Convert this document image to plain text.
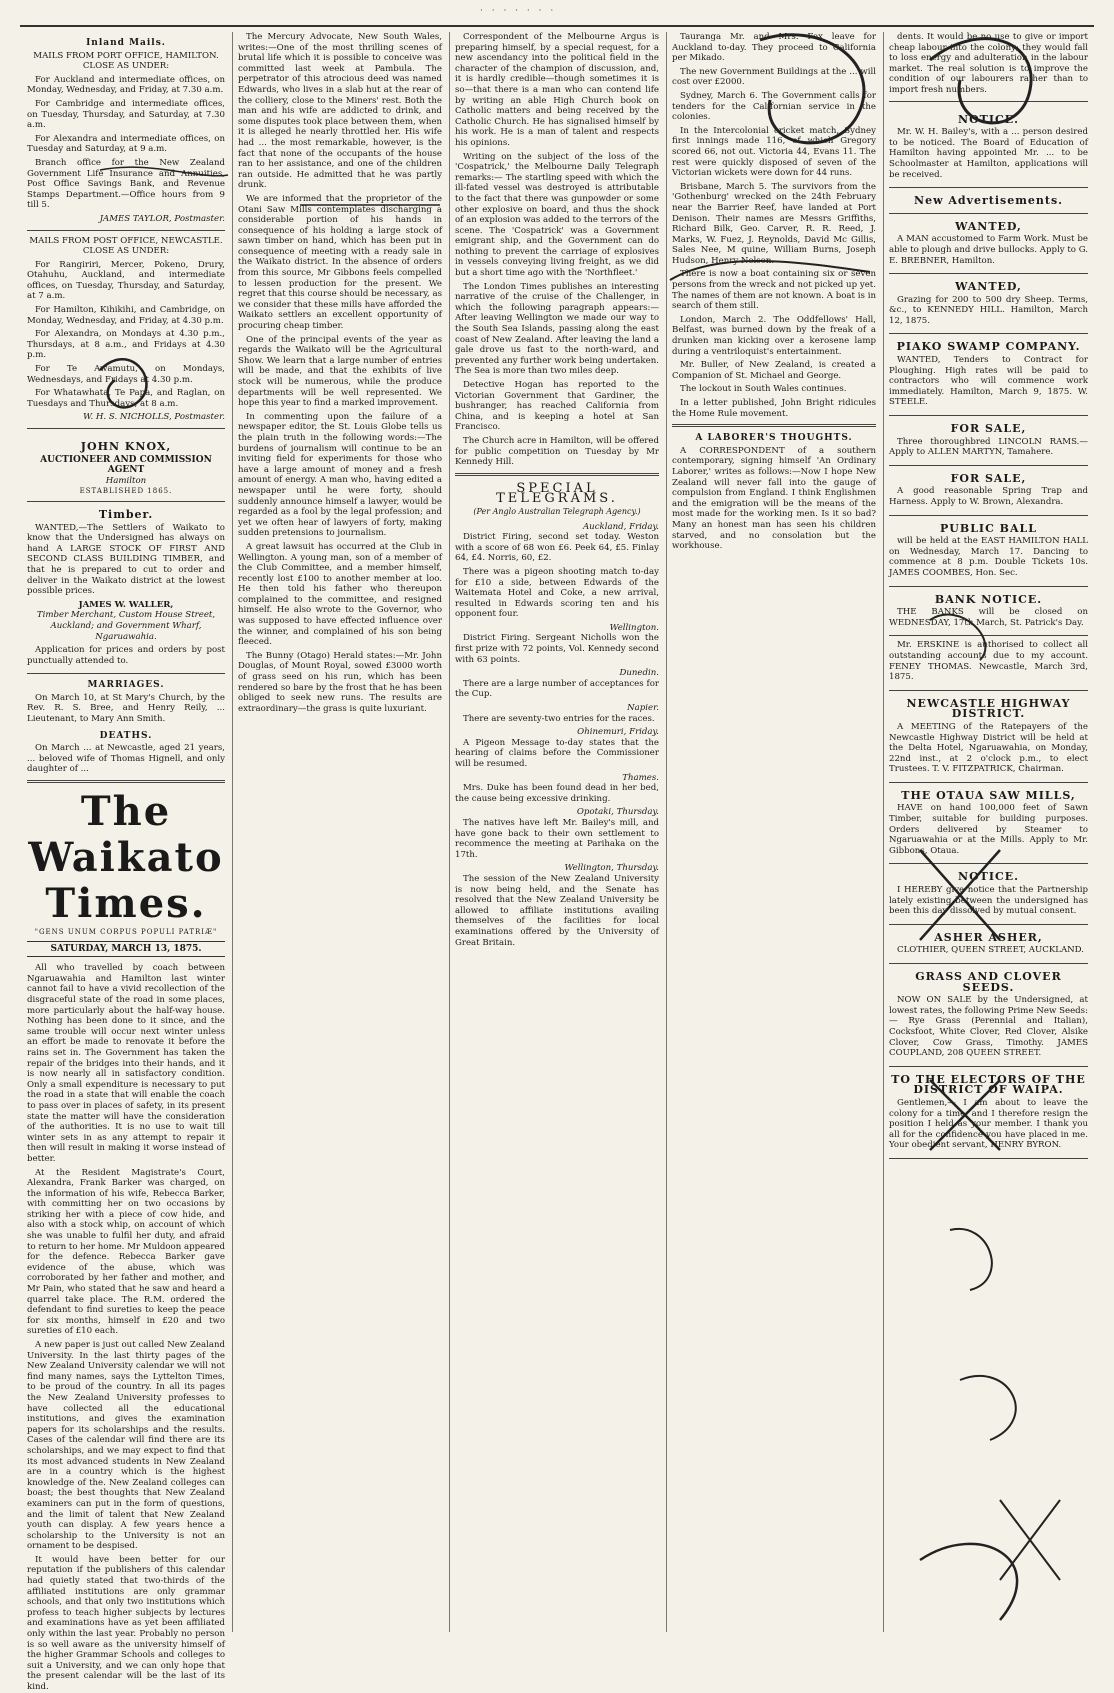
· · · · · · ·
Inland Mails.

MAILS FROM PORT OFFICE, HAMILTON. CLOSE AS UNDER:

For Auckland and intermediate offices, on Monday, Wednesday, and Friday, at 7.30 a.m.

For Cambridge and intermediate offices, on Tuesday, Thursday, and Saturday, at 7.30 a.m.

For Alexandra and intermediate offices, on Tuesday and Saturday, at 9 a.m.

Branch office for the New Zealand Government Life Insurance and Annuities, Post Office Savings Bank, and Revenue Stamps Department.—Office hours from 9 till 5.

JAMES TAYLOR, Postmaster.

MAILS FROM POST OFFICE, NEWCASTLE. CLOSE AS UNDER:

For Rangiriri, Mercer, Pokeno, Drury, Otahuhu, Auckland, and intermediate offices, on Tuesday, Thursday, and Saturday, at 7 a.m.

For Hamilton, Kihikihi, and Cambridge, on Monday, Wednesday, and Friday, at 4.30 p.m.

For Alexandra, on Mondays at 4.30 p.m., Thursdays, at 8 a.m., and Fridays at 4.30 p.m.

For Te Awamutu, on Mondays, Wednesdays, and Fridays at 4.30 p.m.

For Whatawhata, Te Papa, and Raglan, on Tuesdays and Thursdays, at 8 a.m.

W. H. S. NICHOLLS, Postmaster.

JOHN KNOX,
AUCTIONEER AND COMMISSION AGENT
Hamilton
ESTABLISHED 1865.
Timber.

WANTED,—The Settlers of Waikato to know that the Undersigned has always on hand A LARGE STOCK OF FIRST AND SECOND CLASS BUILDING TIMBER, and that he is prepared to cut to order and deliver in the Waikato district at the lowest possible prices.

JAMES W. WALLER,

Timber Merchant, Custom House Street, Auckland; and Government Wharf, Ngaruawahia.

Application for prices and orders by post punctually attended to.

MARRIAGES.

On March 10, at St Mary's Church, by the Rev. R. S. Bree, and Henry Reily, ... Lieutenant, to Mary Ann Smith.

DEATHS.

On March ... at Newcastle, aged 21 years, ... beloved wife of Thomas Hignell, and only daughter of ...

The Waikato Times.
"GENS UNUM CORPUS POPULI PATRIÆ"
SATURDAY, MARCH 13, 1875.

All who travelled by coach between Ngaruawahia and Hamilton last winter cannot fail to have a vivid recollection of the disgraceful state of the road in some places, more particularly about the half-way house. Nothing has been done to it since, and the same trouble will occur next winter unless an effort be made to renovate it before the rains set in. The Government has taken the repair of the bridges into their hands, and it is now nearly all in satisfactory condition. Only a small expenditure is necessary to put the road in a state that will enable the coach to pass over in places of safety, in its present state the matter will have the consideration of the authorities. It is no use to wait till winter sets in as any attempt to repair it then will result in making it worse instead of better.

At the Resident Magistrate's Court, Alexandra, Frank Barker was charged, on the information of his wife, Rebecca Barker, with committing her on two occasions by striking her with a piece of cow hide, and also with a stock whip, on account of which she was unable to fulfil her duty, and afraid to return to her home. Mr Muldoon appeared for the defence. Rebecca Barker gave evidence of the abuse, which was corroborated by her father and mother, and Mr Pain, who stated that he saw and heard a quarrel take place. The R.M. ordered the defendant to find sureties to keep the peace for six months, himself in £20 and two sureties of £10 each.

A new paper is just out called New Zealand University. In the last thirty pages of the New Zealand University calendar we will not find many names, says the Lyttelton Times, to be proud of the country. In all its pages the New Zealand University professes to have collected all the educational institutions, and gives the examination papers for its scholarships and the results. Cases of the calendar will find there are its scholarships, and we may expect to find that its most advanced students in New Zealand are in a country which is the highest knowledge of the. New Zealand colleges can boast; the best thoughts that New Zealand examiners can put in the form of questions, and the limit of talent that New Zealand youth can display. A few years hence a scholarship to the University is not an ornament to be despised.

It would have been better for our reputation if the publishers of this calendar had quietly stated that two-thirds of the affiliated institutions are only grammar schools, and that only two institutions which profess to teach higher subjects by lectures and examinations have as yet been affiliated only within the last year. Probably no person is so well aware as the university himself of the higher Grammar Schools and colleges to suit a University, and we can only hope that the present calendar will be the last of its kind.

The Mercury Advocate, New South Wales, writes:—One of the most thrilling scenes of brutal life which it is possible to conceive was committed last week at Pambula. The perpetrator of this atrocious deed was named Edwards, who lives in a slab hut at the rear of the colliery, close to the Miners' rest. Both the man and his wife are addicted to drink, and some disputes took place between them, when it is alleged he nearly throttled her. His wife had ... the most remarkable, however, is the fact that none of the occupants of the house ran to her assistance, and one of the children ran outside. He admitted that he was partly drunk.

We are informed that the proprietor of the Otani Saw Mills contemplates discharging a considerable portion of his hands in consequence of his holding a large stock of sawn timber on hand, which has been put in consequence of meeting with a ready sale in the Waikato district. In the absence of orders from this source, Mr Gibbons feels compelled to lessen production for the present. We regret that this course should be necessary, as we consider that these mills have afforded the Waikato settlers an excellent opportunity of procuring cheap timber.

One of the principal events of the year as regards the Waikato will be the Agricultural Show. We learn that a large number of entries will be made, and that the exhibits of live stock will be numerous, while the produce departments will be well represented. We hope this year to find a marked improvement.

In commenting upon the failure of a newspaper editor, the St. Louis Globe tells us the plain truth in the following words:—The burdens of journalism will continue to be an inviting field for experiments for those who have a large amount of money and a fresh amount of energy. A man who, having edited a newspaper until he were forty, should suddenly announce himself a lawyer, would be regarded as a fool by the legal profession; and yet we often hear of lawyers of forty, making sudden pretensions to journalism.

A great lawsuit has occurred at the Club in Wellington. A young man, son of a member of the Club Committee, and a member himself, recently lost £100 to another member at loo. He then told his father who thereupon complained to the committee, and resigned himself. He also wrote to the Governor, who was supposed to have effected influence over the winner, and complained of his son being fleeced.

The Bunny (Otago) Herald states:—Mr. John Douglas, of Mount Royal, sowed £3000 worth of grass seed on his run, which has been rendered so bare by the frost that he has been obliged to seek new runs. The results are extraordinary—the grass is quite luxuriant.

Correspondent of the Melbourne Argus is preparing himself, by a special request, for a new ascendancy into the political field in the character of the champion of discussion, and, it is hardly credible—though sometimes it is so—that there is a man who can contend life by writing an able High Church book on Catholic matters and being received by the Catholic Church. He has signalised himself by his work. He is a man of talent and respects his opinions.

Writing on the subject of the loss of the 'Cospatrick,' the Melbourne Daily Telegraph remarks:— The startling speed with which the ill-fated vessel was destroyed is attributable to the fact that there was gunpowder or some other explosive on board, and thus the shock of an explosion was added to the terrors of the scene. The 'Cospatrick' was a Government emigrant ship, and the Government can do nothing to prevent the carriage of explosives in vessels conveying living freight, as we did but a short time ago with the 'Northfleet.'

The London Times publishes an interesting narrative of the cruise of the Challenger, in which the following paragraph appears:—After leaving Wellington we made our way to the South Sea Islands, passing along the east coast of New Zealand. After leaving the land a gale drove us fast to the north-ward, and prevented any further work being undertaken. The Sea is more than two miles deep.

Detective Hogan has reported to the Victorian Government that Gardiner, the bushranger, has reached California from China, and is keeping a hotel at San Francisco.

The Church acre in Hamilton, will be offered for public competition on Tuesday by Mr Kennedy Hill.

SPECIAL TELEGRAMS.
(Per Anglo Australian Telegraph Agency.)
Auckland, Friday.

District Firing, second set today. Weston with a score of 68 won £6. Peek 64, £5. Finlay 64, £4. Norris, 60, £2.

There was a pigeon shooting match to-day for £10 a side, between Edwards of the Waitemata Hotel and Coke, a new arrival, resulted in Edwards scoring ten and his opponent four.

Wellington.

District Firing. Sergeant Nicholls won the first prize with 72 points, Vol. Kennedy second with 63 points.

Dunedin.

There are a large number of acceptances for the Cup.

Napier.

There are seventy-two entries for the races.

Ohinemuri, Friday.

A Pigeon Message to-day states that the hearing of claims before the Commissioner will be resumed.

Thames.

Mrs. Duke has been found dead in her bed, the cause being excessive drinking.

Opotaki, Thursday.

The natives have left Mr. Bailey's mill, and have gone back to their own settlement to recommence the meeting at Parihaka on the 17th.

Wellington, Thursday.

The session of the New Zealand University is now being held, and the Senate has resolved that the New Zealand University be allowed to affiliate institutions availing themselves of the facilities for local examinations offered by the University of Great Britain.

Tauranga Mr. and Mrs. Fox leave for Auckland to-day. They proceed to California per Mikado.

The new Government Buildings at the ... will cost over £2000.

Sydney, March 6. The Government calls for tenders for the Californian service in the colonies.

In the Intercolonial cricket match, Sydney first innings made 116, of which Gregory scored 66, not out. Victoria 44, Evans 11. The rest were quickly disposed of seven of the Victorian wickets were down for 44 runs.

Brisbane, March 5. The survivors from the 'Gothenburg' wrecked on the 24th February near the Barrier Reef, have landed at Port Denison. Their names are Messrs Griffiths, Richard Bilk, Geo. Carver, R. R. Reed, J. Marks, W. Fuez, J. Reynolds, David Mc Gillis, Sales Nee, M quine, William Burns, Joseph Hudson, Henry Nelson.

There is now a boat containing six or seven persons from the wreck and not picked up yet. The names of them are not known. A boat is in search of them still.

London, March 2. The Oddfellows' Hall, Belfast, was burned down by the freak of a drunken man kicking over a kerosene lamp during a ventriloquist's entertainment.

Mr. Buller, of New Zealand, is created a Companion of St. Michael and George.

The lockout in South Wales continues.

In a letter published, John Bright ridicules the Home Rule movement.

A LABORER'S THOUGHTS.

A CORRESPONDENT of a southern contemporary, signing himself 'An Ordinary Laborer,' writes as follows:—Now I hope New Zealand will never fall into the gauge of compulsion from England. I think Englishmen and the emigration will be the means of the most made for the working men. Is it so bad? Many an honest man has seen his children starved, and no consolation but the workhouse.

dents. It would be no use to give or import cheap labour into the colony; they would fall to loss energy and adulteration in the labour market. The real solution is to improve the condition of our labourers rather than to import fresh numbers.

NOTICE.

Mr. W. H. Bailey's, with a ... person desired to be noticed. The Board of Education of Hamilton having appointed Mr. ... to be Schoolmaster at Hamilton, applications will be received.

New Advertisements.
WANTED,

A MAN accustomed to Farm Work. Must be able to plough and drive bullocks. Apply to G. E. BREBNER, Hamilton.

WANTED,

Grazing for 200 to 500 dry Sheep. Terms, &c., to KENNEDY HILL. Hamilton, March 12, 1875.

PIAKO SWAMP COMPANY.

WANTED, Tenders to Contract for Ploughing. High rates will be paid to contractors who will commence work immediately. Hamilton, March 9, 1875. W. STEELE.

FOR SALE,

Three thoroughbred LINCOLN RAMS.—Apply to ALLEN MARTYN, Tamahere.

FOR SALE,

A good reasonable Spring Trap and Harness. Apply to W. Brown, Alexandra.

PUBLIC BALL

will be held at the EAST HAMILTON HALL on Wednesday, March 17. Dancing to commence at 8 p.m. Double Tickets 10s. JAMES COOMBES, Hon. Sec.

BANK NOTICE.

THE BANKS will be closed on WEDNESDAY, 17th March, St. Patrick's Day.

Mr. ERSKINE is authorised to collect all outstanding accounts due to my account. FENEY THOMAS. Newcastle, March 3rd, 1875.

NEWCASTLE HIGHWAY DISTRICT.

A MEETING of the Ratepayers of the Newcastle Highway District will be held at the Delta Hotel, Ngaruawahia, on Monday, 22nd inst., at 2 o'clock p.m., to elect Trustees. T. V. FITZPATRICK, Chairman.

THE OTAUA SAW MILLS,

HAVE on hand 100,000 feet of Sawn Timber, suitable for building purposes. Orders delivered by Steamer to Ngaruawahia or at the Mills. Apply to Mr. Gibbons, Otaua.

NOTICE.

I HEREBY give notice that the Partnership lately existing between the undersigned has been this day dissolved by mutual consent.

ASHER ASHER,

CLOTHIER, QUEEN STREET, AUCKLAND.

GRASS AND CLOVER SEEDS.

NOW ON SALE by the Undersigned, at lowest rates, the following Prime New Seeds:— Rye Grass (Perennial and Italian), Cocksfoot, White Clover, Red Clover, Alsike Clover, Cow Grass, Timothy. JAMES COUPLAND, 208 QUEEN STREET.

TO THE ELECTORS OF THE DISTRICT OF WAIPA.

Gentlemen,— I am about to leave the colony for a time, and I therefore resign the position I held as your member. I thank you all for the confidence you have placed in me. Your obedient servant, HENRY BYRON.
